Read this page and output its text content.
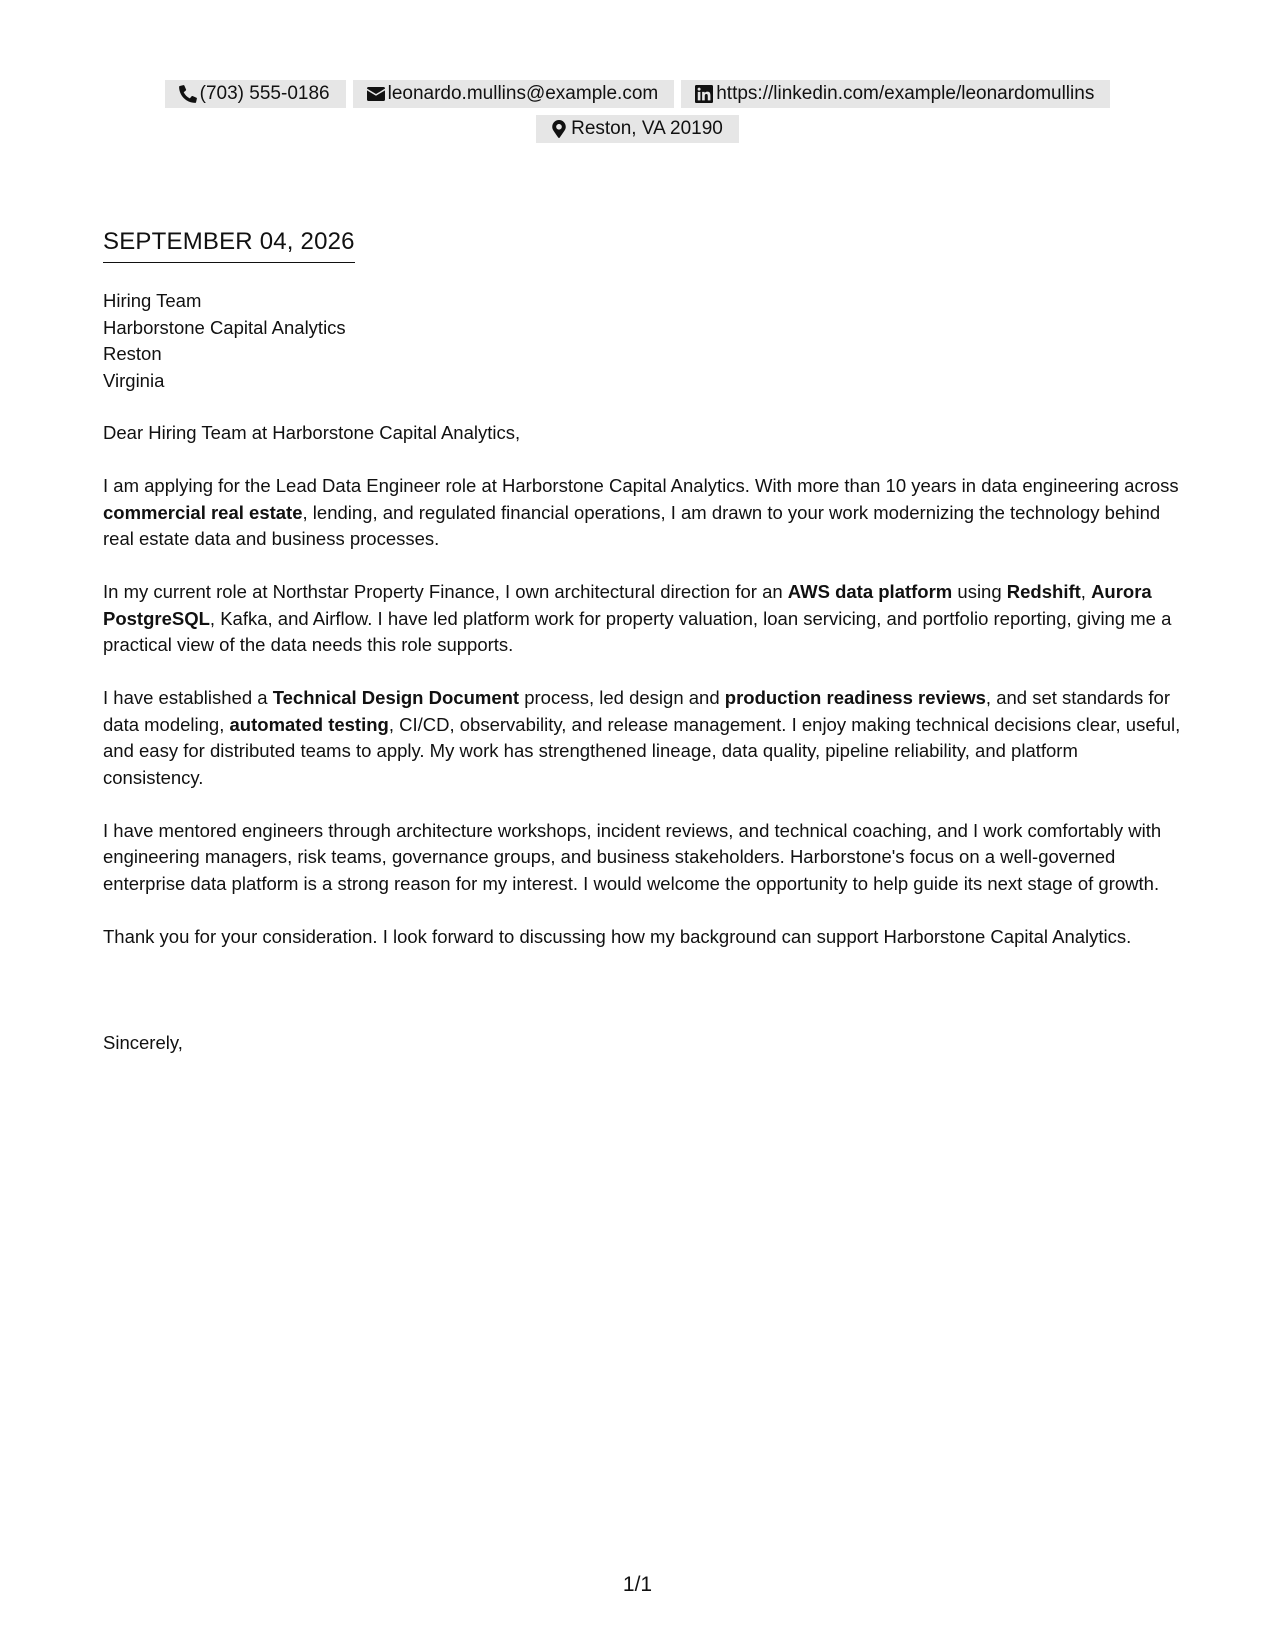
(703) 555-0186	leonardo.mullins@example.com	https://linkedin.com/example/leonardomullins
Reston, VA 20190
SEPTEMBER 04, 2026
Hiring Team
Harborstone Capital Analytics
Reston
Virginia

Dear Hiring Team at Harborstone Capital Analytics,

I am applying for the Lead Data Engineer role at Harborstone Capital Analytics. With more than 10 years in data engineering across commercial real estate, lending, and regulated financial operations, I am drawn to your work modernizing the technology behind real estate data and business processes.

In my current role at Northstar Property Finance, I own architectural direction for an AWS data platform using Redshift, Aurora PostgreSQL, Kafka, and Airflow. I have led platform work for property valuation, loan servicing, and portfolio reporting, giving me a practical view of the data needs this role supports.

I have established a Technical Design Document process, led design and production readiness reviews, and set standards for data modeling, automated testing, CI/CD, observability, and release management. I enjoy making technical decisions clear, useful, and easy for distributed teams to apply. My work has strengthened lineage, data quality, pipeline reliability, and platform consistency.

I have mentored engineers through architecture workshops, incident reviews, and technical coaching, and I work comfortably with engineering managers, risk teams, governance groups, and business stakeholders. Harborstone's focus on a well-governed enterprise data platform is a strong reason for my interest. I would welcome the opportunity to help guide its next stage of growth.

Thank you for your consideration. I look forward to discussing how my background can support Harborstone Capital Analytics.

Sincerely,
1/1
